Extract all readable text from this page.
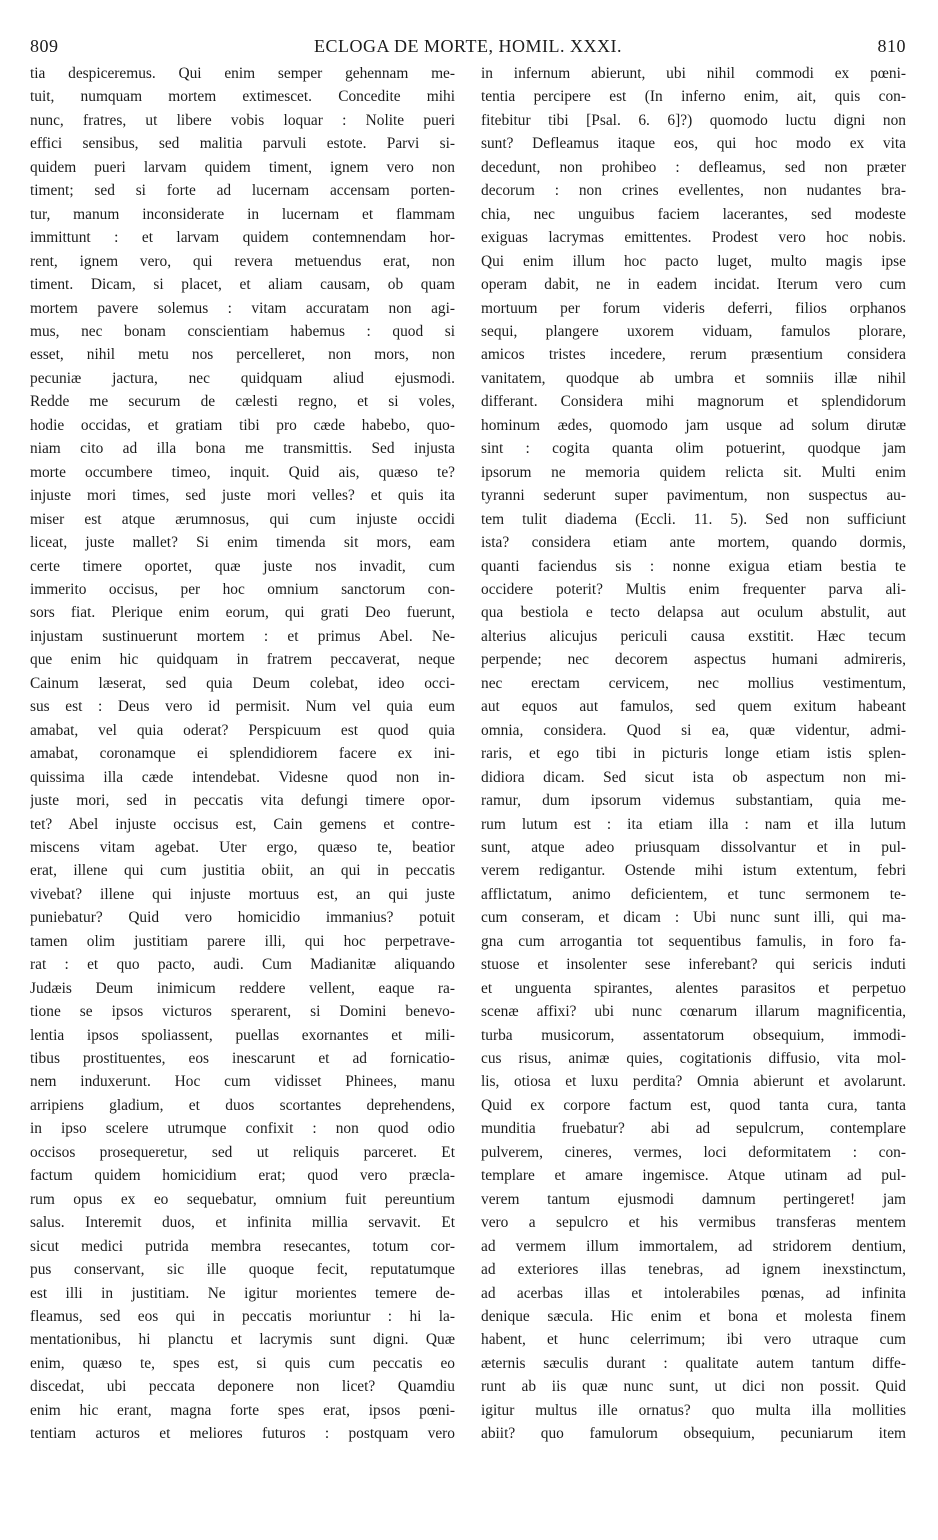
809	ECLOGA DE MORTE, HOMIL. XXXI.	810
tia despiceremus. Qui enim semper gehennam me-
tuit, numquam mortem extimescet. Concedite mihi
nunc, fratres, ut libere vobis loquar : Nolite pueri
effici sensibus, sed malitia parvuli estote. Parvi si-
quidem pueri larvam quidem timent, ignem vero non
timent; sed si forte ad lucernam accensam porten-
tur, manum inconsiderate in lucernam et flammam
immittunt : et larvam quidem contemnendam hor-
rent, ignem vero, qui revera metuendus erat, non
timent. Dicam, si placet, et aliam causam, ob quam
mortem pavere solemus : vitam accuratam non agi-
mus, nec bonam conscientiam habemus : quod si
esset, nihil metu nos percelleret, non mors, non
pecuniæ jactura, nec quidquam aliud ejusmodi.
Redde me securum de cælesti regno, et si voles,
hodie occidas, et gratiam tibi pro cæde habebo, quo-
niam cito ad illa bona me transmittis. Sed injusta
morte occumbere timeo, inquit. Quid ais, quæso te?
injuste mori times, sed juste mori velles? et quis ita
miser est atque ærumnosus, qui cum injuste occidi
liceat, juste mallet? Si enim timenda sit mors, eam
certe timere oportet, quæ juste nos invadit, cum
immerito occisus, per hoc omnium sanctorum con-
sors fiat. Plerique enim eorum, qui grati Deo fuerunt,
injustam sustinuerunt mortem : et primus Abel. Ne-
que enim hic quidquam in fratrem peccaverat, neque
Cainum læserat, sed quia Deum colebat, ideo occi-
sus est : Deus vero id permisit. Num vel quia eum
amabat, vel quia oderat? Perspicuum est quod quia
amabat, coronamque ei splendidiorem facere ex ini-
quissima illa cæde intendebat. Videsne quod non in-
juste mori, sed in peccatis vita defungi timere opor-
tet? Abel injuste occisus est, Cain gemens et contre-
miscens vitam agebat. Uter ergo, quæso te, beatior
erat, illene qui cum justitia obiit, an qui in peccatis
vivebat? illene qui injuste mortuus est, an qui juste
puniebatur? Quid vero homicidio immanius? potuit
tamen olim justitiam parere illi, qui hoc perpetrave-
rat : et quo pacto, audi. Cum Madianitæ aliquando
Judæis Deum inimicum reddere vellent, eaque ra-
tione se ipsos victuros sperarent, si Domini benevo-
lentia ipsos spoliassent, puellas exornantes et mili-
tibus prostituentes, eos inescarunt et ad fornicatio-
nem induxerunt. Hoc cum vidisset Phinees, manu
arripiens gladium, et duos scortantes deprehendens,
in ipso scelere utrumque confixit : non quod odio
occisos prosequeretur, sed ut reliquis parceret. Et
factum quidem homicidium erat; quod vero præcla-
rum opus ex eo sequebatur, omnium fuit pereuntium
salus. Interemit duos, et infinita millia servavit. Et
sicut medici putrida membra resecantes, totum cor-
pus conservant, sic ille quoque fecit, reputatumque
est illi in justitiam. Ne igitur morientes temere de-
fleamus, sed eos qui in peccatis moriuntur : hi la-
mentationibus, hi planctu et lacrymis sunt digni. Quæ
enim, quæso te, spes est, si quis cum peccatis eo
discedat, ubi peccata deponere non licet? Quamdiu
enim hic erant, magna forte spes erat, ipsos pœni-
tentiam acturos et meliores futuros : postquam vero
in infernum abierunt, ubi nihil commodi ex pœni-
tentia percipere est (In inferno enim, ait, quis con-
fitebitur tibi [Psal. 6. 6]?) quomodo luctu digni non
sunt? Defleamus itaque eos, qui hoc modo ex vita
decedunt, non prohibeo : defleamus, sed non præter
decorum : non crines evellentes, non nudantes bra-
chia, nec unguibus faciem lacerantes, sed modeste
exiguas lacrymas emittentes. Prodest vero hoc nobis.
Qui enim illum hoc pacto luget, multo magis ipse
operam dabit, ne in eadem incidat. Iterum vero cum
mortuum per forum videris deferri, filios orphanos
sequi, plangere uxorem viduam, famulos plorare,
amicos tristes incedere, rerum præsentium considera
vanitatem, quodque ab umbra et somniis illæ nihil
differant. Considera mihi magnorum et splendidorum
hominum ædes, quomodo jam usque ad solum dirutæ
sint : cogita quanta olim potuerint, quodque jam
ipsorum ne memoria quidem relicta sit. Multi enim
tyranni sederunt super pavimentum, non suspectus au-
tem tulit diadema (Eccli. 11. 5). Sed non sufficiunt
ista? considera etiam ante mortem, quando dormis,
quanti faciendus sis : nonne exigua etiam bestia te
occidere poterit? Multis enim frequenter parva ali-
qua bestiola e tecto delapsa aut oculum abstulit, aut
alterius alicujus periculi causa exstitit. Hæc tecum
perpende; nec decorem aspectus humani admireris,
nec erectam cervicem, nec mollius vestimentum,
aut equos aut famulos, sed quem exitum habeant
omnia, considera. Quod si ea, quæ videntur, admi-
raris, et ego tibi in picturis longe etiam istis splen-
didiora dicam. Sed sicut ista ob aspectum non mi-
ramur, dum ipsorum videmus substantiam, quia me-
rum lutum est : ita etiam illa : nam et illa lutum
sunt, atque adeo priusquam dissolvantur et in pul-
verem redigantur. Ostende mihi istum extentum, febri
afflictatum, animo deficientem, et tunc sermonem te-
cum conseram, et dicam : Ubi nunc sunt illi, qui ma-
gna cum arrogantia tot sequentibus famulis, in foro fa-
stuose et insolenter sese inferebant? qui sericis induti
et unguenta spirantes, alentes parasitos et perpetuo
scenæ affixi? ubi nunc cœnarum illarum magnificentia,
turba musicorum, assentatorum obsequium, immodi-
cus risus, animæ quies, cogitationis diffusio, vita mol-
lis, otiosa et luxu perdita? Omnia abierunt et avolarunt.
Quid ex corpore factum est, quod tanta cura, tanta
munditia fruebatur? abi ad sepulcrum, contemplare
pulverem, cineres, vermes, loci deformitatem : con-
templare et amare ingemisce. Atque utinam ad pul-
verem tantum ejusmodi damnum pertingeret! jam
vero a sepulcro et his vermibus transferas mentem
ad vermem illum immortalem, ad stridorem dentium,
ad exteriores illas tenebras, ad ignem inexstinctum,
ad acerbas illas et intolerabiles pœnas, ad infinita
denique sæcula. Hic enim et bona et molesta finem
habent, et hunc celerrimum; ibi vero utraque cum
æternis sæculis durant : qualitate autem tantum diffe-
runt ab iis quæ nunc sunt, ut dici non possit. Quid
igitur multus ille ornatus? quo multa illa mollities
abiit? quo famulorum obsequium, pecuniarum item
